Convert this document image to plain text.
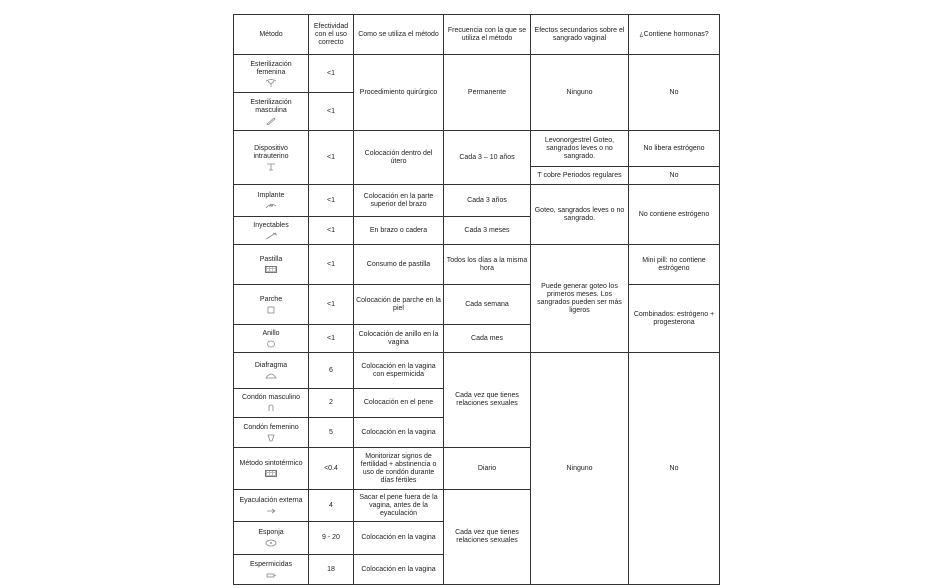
Método	Efectividad con el uso correcto	Como se utiliza el método	Frecuencia con la que se utiliza el método	Efectos secundarios sobre el sangrado vaginal	¿Contiene hormonas?

Esterilización femenina	<1	Procedimiento quirúrgico	Permanente	Ninguno	No

Esterilización masculina	<1				

Dispositivo intrauterino	<1	Colocación dentro del útero	Cada 3 – 10 años	Levonorgestrel Goteo, sangrados leves o no sangrado.	No libera estrógeno
				T cobre Periodos regulares	No

Implante	<1	Colocación en la parte superior del brazo	Cada 3 años	Goteo, sangrados leves o no sangrado.	No contiene estrógeno

Inyectables	<1	En brazo o cadera	Cada 3 meses		

Pastilla	<1	Consumo de pastilla	Todos los días a la misma hora	Puede generar goteo los primeros meses. Los sangrados pueden ser más ligeros	Mini pill: no contiene estrógeno

Parche	<1	Colocación de parche en la piel	Cada semana		Combinados: estrógeno + progesterona

Anillo	<1	Colocación de anillo en la vagina	Cada mes		

Diafragma	6	Colocación en la vagina con espermicida	Cada vez que tienes relaciones sexuales	Ninguno	No

Condón masculino	2	Colocación en el pene			

Condón femenino	5	Colocación en la vagina			

Método sintotérmico	<0.4	Monitorizar signos de fertilidad + abstinencia o uso de condón durante días fértiles	Diario		

Eyaculación externa	4	Sacar el pene fuera de la vagina, antes de la eyaculación	Cada vez que tienes relaciones sexuales		

Esponja	9 - 20	Colocación en la vagina			

Espermicidas	18	Colocación en la vagina			
